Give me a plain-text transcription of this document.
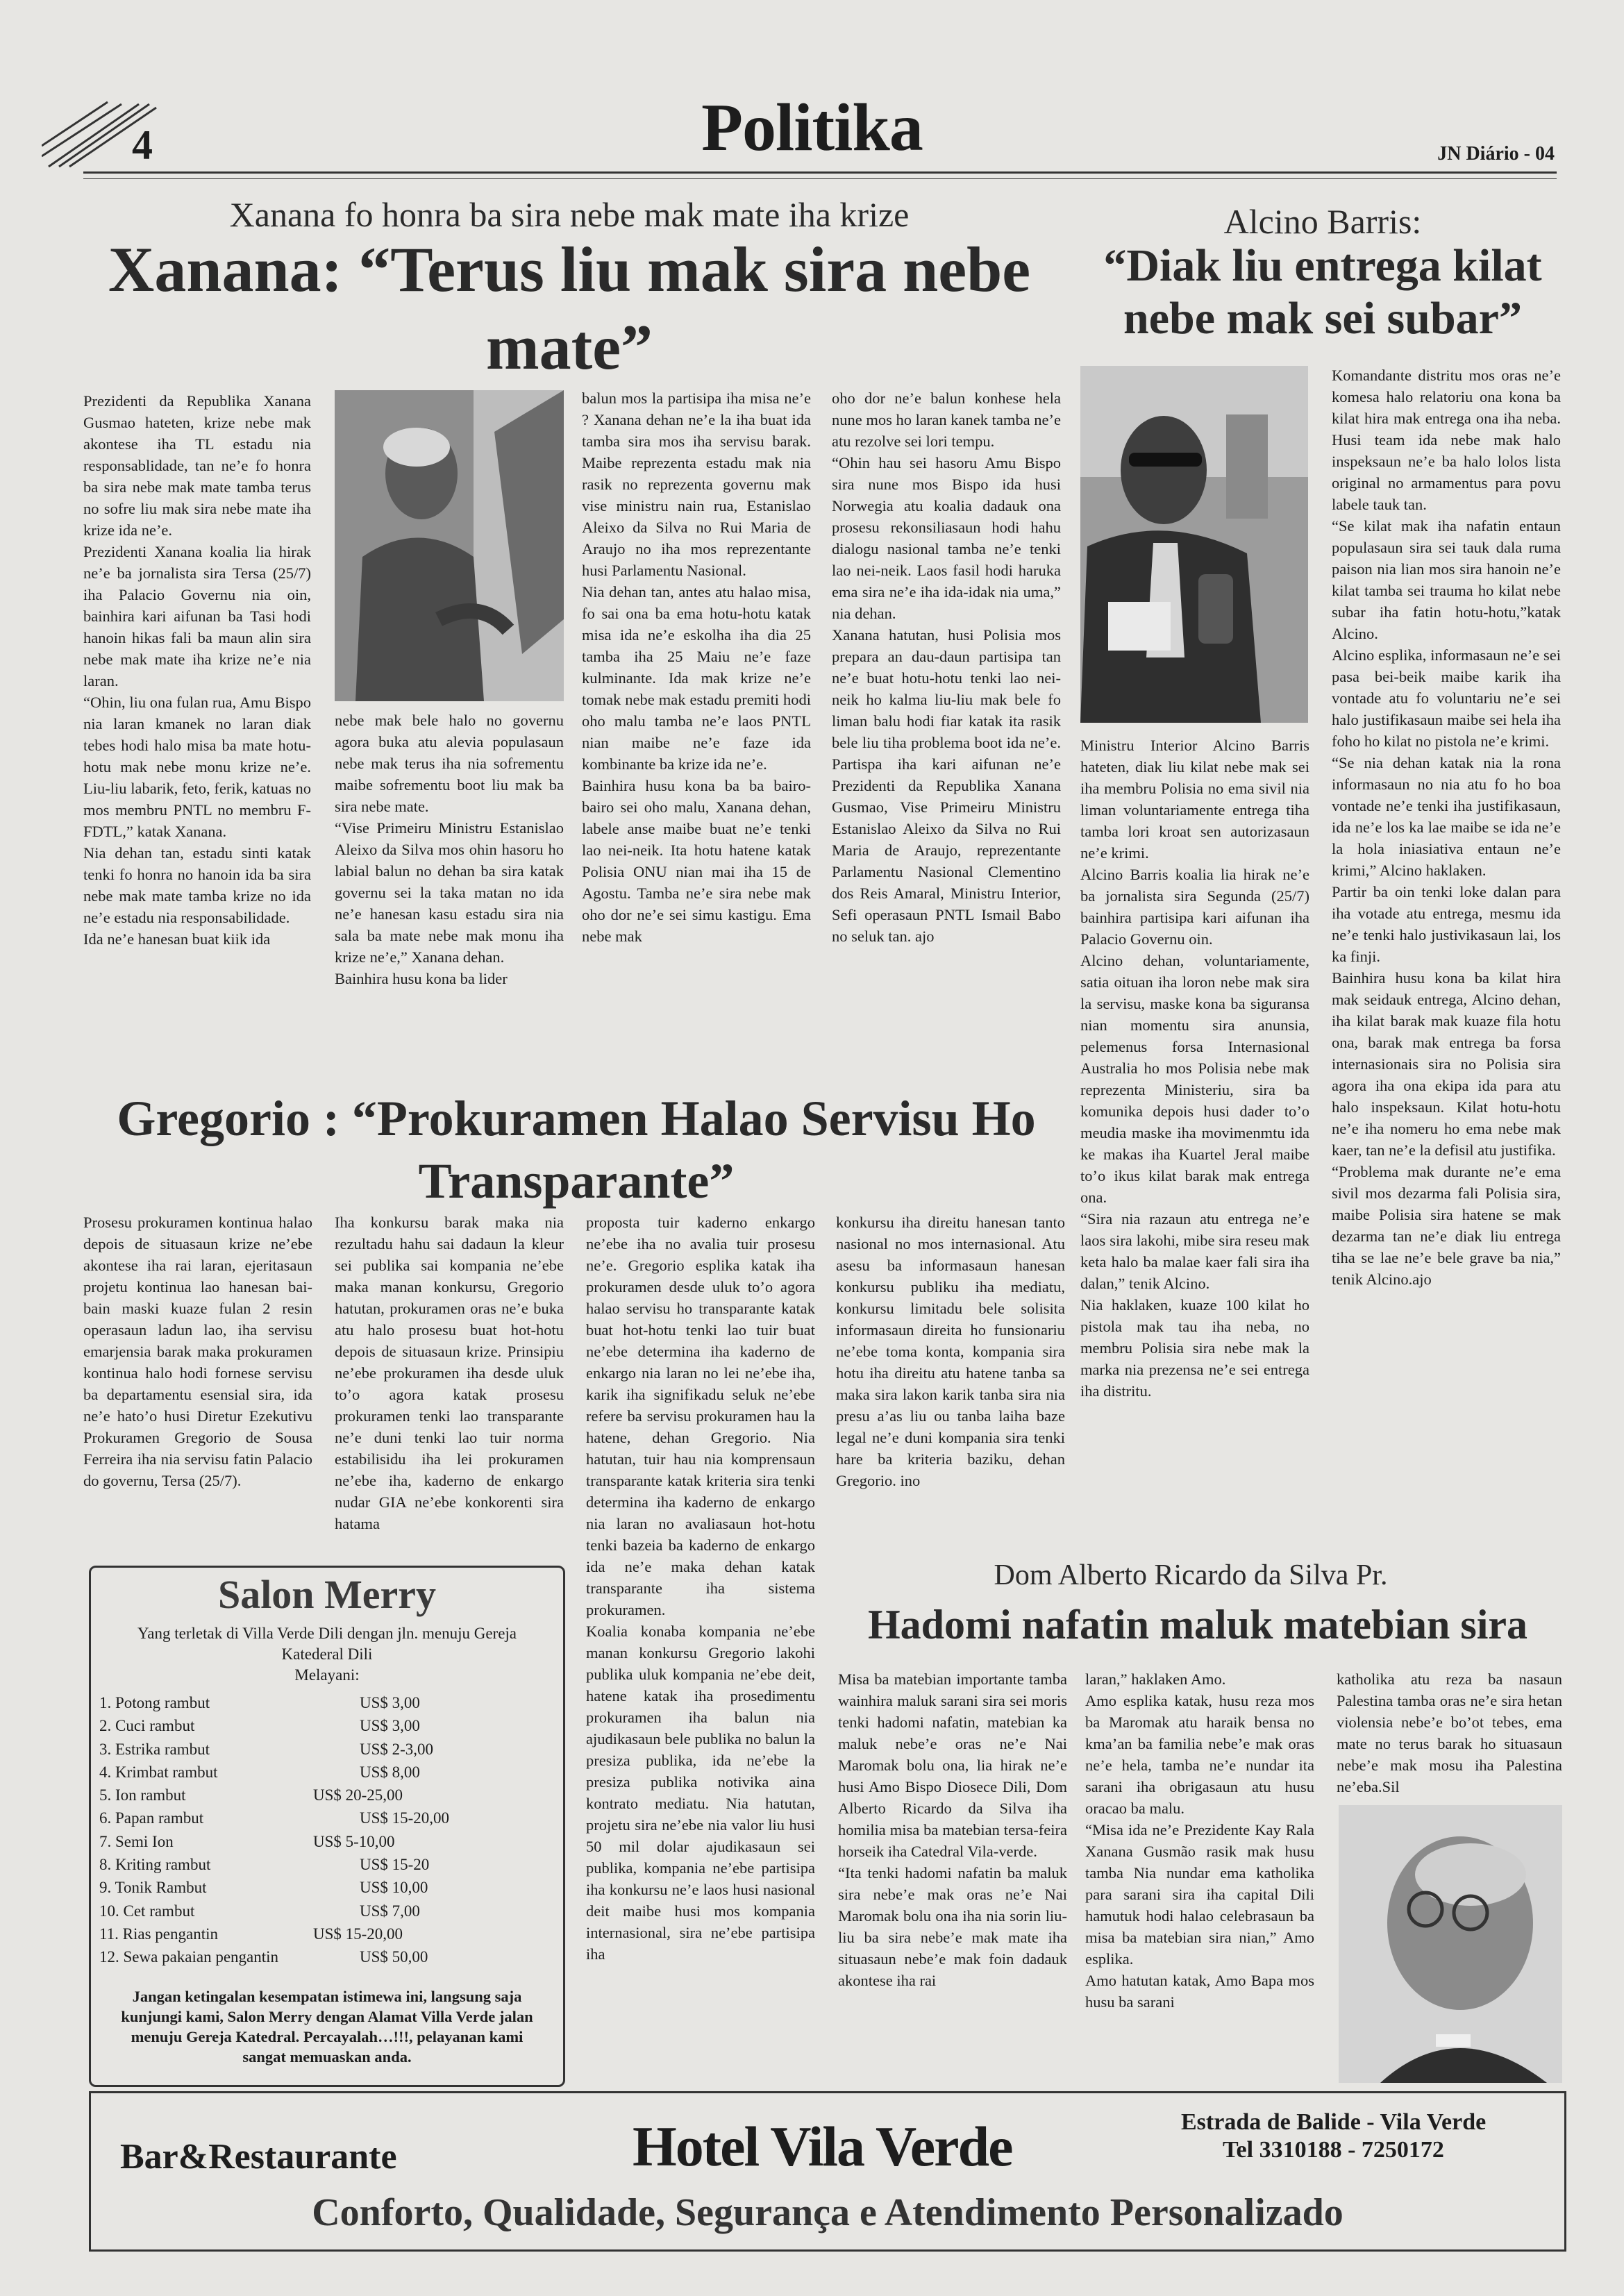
4	Politika	JN Diário - 04
Xanana fo honra ba sira nebe mak mate iha krize
Xanana: “Terus liu mak sira nebe mate”

Prezidenti da Republika Xanana Gusmao hateten, krize nebe mak akontese iha TL estadu nia responsablidade, tan ne’e fo honra ba sira nebe mak mate tamba terus no sofre liu mak sira nebe mate iha krize ida ne’e.

Prezidenti Xanana koalia lia hirak ne’e ba jornalista sira Tersa (25/7) iha Palacio Governu nia oin, bainhira kari aifunan ba Tasi hodi hanoin hikas fali ba maun alin sira nebe mak mate iha krize ne’e nia laran.

“Ohin, liu ona fulan rua, Amu Bispo nia laran kmanek no laran diak tebes hodi halo misa ba mate hotu-hotu mak nebe monu krize ne’e. Liu-liu labarik, feto, ferik, katuas no mos membru PNTL no membru F-FDTL,” katak Xanana.

Nia dehan tan, estadu sinti katak tenki fo honra no hanoin ida ba sira nebe mak mate tamba krize no ida ne’e estadu nia responsabilidade.

Ida ne’e hanesan buat kiik ida

nebe mak bele halo no governu agora buka atu alevia populasaun nebe mak terus iha nia sofrementu maibe sofrementu boot liu mak ba sira nebe mate.

“Vise Primeiru Ministru Estanislao Aleixo da Silva mos ohin hasoru ho labial balun no dehan ba sira katak governu sei la taka matan no ida ne’e hanesan kasu estadu sira nia sala ba mate nebe mak monu iha krize ne’e,” Xanana dehan.

Bainhira husu kona ba lider

balun mos la partisipa iha misa ne’e ? Xanana dehan ne’e la iha buat ida tamba sira mos iha servisu barak. Maibe reprezenta estadu mak nia rasik no reprezenta governu mak vise ministru nain rua, Estanislao Aleixo da Silva no Rui Maria de Araujo no iha mos reprezentante husi Parlamentu Nasional.

Nia dehan tan, antes atu halao misa, fo sai ona ba ema hotu-hotu katak misa ida ne’e eskolha iha dia 25 tamba iha 25 Maiu ne’e faze kulminante. Ida mak krize ne’e tomak nebe mak estadu premiti hodi oho malu tamba ne’e laos PNTL nian maibe ne’e faze ida kombinante ba krize ida ne’e.

Bainhira husu kona ba ba bairo-bairo sei oho malu, Xanana dehan, labele anse maibe buat ne’e tenki lao nei-neik. Ita hotu hatene katak Polisia ONU nian mai iha 15 de Agostu. Tamba ne’e sira nebe mak oho dor ne’e sei simu kastigu. Ema nebe mak

oho dor ne’e balun konhese hela nune mos ho laran kanek tamba ne’e atu rezolve sei lori tempu.

“Ohin hau sei hasoru Amu Bispo sira nune mos Bispo ida husi Norwegia atu koalia dadauk ona prosesu rekonsiliasaun hodi hahu dialogu nasional tamba ne’e tenki lao nei-neik. Laos fasil hodi haruka ema sira ne’e iha ida-idak nia uma,” nia dehan.

Xanana hatutan, husi Polisia mos prepara an dau-daun partisipa tan ne’e buat hotu-hotu tenki lao nei-neik ho kalma liu-liu mak bele fo liman balu hodi fiar katak ita rasik bele liu tiha problema boot ida ne’e. Partispa iha kari aifunan ne’e Prezidenti da Republika Xanana Gusmao, Vise Primeiru Ministru Estanislao Aleixo da Silva no Rui Maria de Araujo, reprezentante Parlamentu Nasional Clementino dos Reis Amaral, Ministru Interior, Sefi operasaun PNTL Ismail Babo no seluk tan. ajo

Alcino Barris:
“Diak liu entrega kilat nebe mak sei subar”

Ministru Interior Alcino Barris hateten, diak liu kilat nebe mak sei iha membru Polisia no ema sivil nia liman voluntariamente entrega tiha tamba lori kroat sen autorizasaun ne’e krimi.

Alcino Barris koalia lia hirak ne’e ba jornalista sira Segunda (25/7) bainhira partisipa kari aifunan iha Palacio Governu oin.

Alcino dehan, voluntariamente, satia oituan iha loron nebe mak sira la servisu, maske kona ba siguransa nian momentu sira anunsia, pelemenus forsa Internasional Australia ho mos Polisia nebe mak reprezenta Ministeriu, sira ba komunika depois husi dader to’o meudia maske iha movimenmtu ida ke makas iha Kuartel Jeral maibe to’o ikus kilat barak mak entrega ona.

“Sira nia razaun atu entrega ne’e laos sira lakohi, mibe sira reseu mak keta halo ba malae kaer fali sira iha dalan,” tenik Alcino.

Nia haklaken, kuaze 100 kilat ho pistola mak tau iha neba, no membru Polisia sira nebe mak la marka nia prezensa ne’e sei entrega iha distritu.

Komandante distritu mos oras ne’e komesa halo relatoriu ona kona ba kilat hira mak entrega ona iha neba. Husi team ida nebe mak halo inspeksaun ne’e ba halo lolos lista original no armamentus para povu labele tauk tan.

“Se kilat mak iha nafatin entaun populasaun sira sei tauk dala ruma paison nia lian mos sira hanoin ne’e kilat tamba sei trauma ho kilat nebe subar iha fatin hotu-hotu,”katak Alcino.

Alcino esplika, informasaun ne’e sei pasa bei-beik maibe karik iha vontade atu fo voluntariu ne’e sei halo justifikasaun maibe sei hela iha foho ho kilat no pistola ne’e krimi.

“Se nia dehan katak nia la rona informasaun no nia atu fo ho boa vontade ne’e tenki iha justifikasaun, ida ne’e los ka lae maibe se ida ne’e la hola iniasiativa entaun ne’e krimi,” Alcino haklaken.

Partir ba oin tenki loke dalan para iha votade atu entrega, mesmu ida ne’e tenki halo justivikasaun lai, los ka finji.

Bainhira husu kona ba kilat hira mak seidauk entrega, Alcino dehan, iha kilat barak mak kuaze fila hotu ona, barak mak entrega ba forsa internasionais sira no Polisia sira agora iha ona ekipa ida para atu halo inspeksaun. Kilat hotu-hotu ne’e iha nomeru ho ema nebe mak kaer, tan ne’e la defisil atu justifika.

“Problema mak durante ne’e ema sivil mos dezarma fali Polisia sira, maibe Polisia sira hatene se mak dezarma tan ne’e diak liu entrega tiha se lae ne’e bele grave ba nia,” tenik Alcino.ajo

Gregorio : “Prokuramen Halao Servisu Ho Transparante”

Prosesu prokuramen kontinua halao depois de situasaun krize ne’ebe akontese iha rai laran, ejeritasaun projetu kontinua lao hanesan bai-bain maski kuaze fulan 2 resin operasaun ladun lao, iha servisu emarjensia barak maka prokuramen kontinua halo hodi fornese servisu ba departamentu esensial sira, ida ne’e hato’o husi Diretur Ezekutivu Prokuramen Gregorio de Sousa Ferreira iha nia servisu fatin Palacio do governu, Tersa (25/7).

Iha konkursu barak maka nia rezultadu hahu sai dadaun la kleur sei publika sai kompania ne’ebe maka manan konkursu, Gregorio hatutan, prokuramen oras ne’e buka atu halo prosesu buat hot-hotu depois de situasaun krize. Prinsipiu ne’ebe prokuramen iha desde uluk to’o agora katak prosesu prokuramen tenki lao transparante ne’e duni tenki lao tuir norma estabilisidu iha lei prokuramen ne’ebe iha, kaderno de enkargo nudar GIA ne’ebe konkorenti sira hatama

proposta tuir kaderno enkargo ne’ebe iha no avalia tuir prosesu ne’e. Gregorio esplika katak iha prokuramen desde uluk to’o agora halao servisu ho transparante katak buat hot-hotu tenki lao tuir buat ne’ebe determina iha kaderno de enkargo nia laran no lei ne’ebe iha, karik iha signifikadu seluk ne’ebe refere ba servisu prokuramen hau la hatene, dehan Gregorio. Nia hatutan, tuir hau nia komprensaun transparante katak kriteria sira tenki determina iha kaderno de enkargo nia laran no avaliasaun hot-hotu tenki bazeia ba kaderno de enkargo ida ne’e maka dehan katak transparante iha sistema prokuramen.

Koalia konaba kompania ne’ebe manan konkursu Gregorio lakohi publika uluk kompania ne’ebe deit, hatene katak iha prosedimentu prokuramen iha balun nia ajudikasaun bele publika no balun la presiza publika, ida ne’ebe la presiza publika notivika aina kontrato mediatu. Nia hatutan, projetu sira ne’ebe nia valor liu husi 50 mil dolar ajudikasaun sei publika, kompania ne’ebe partisipa iha konkursu ne’e laos husi nasional deit maibe husi mos kompania internasional, sira ne’ebe partisipa iha

konkursu iha direitu hanesan tanto nasional no mos internasional. Atu asesu ba informasaun hanesan konkursu publiku iha mediatu, konkursu limitadu bele solisita informasaun direita ho funsionariu ne’ebe toma konta, kompania sira hotu iha direitu atu hatene tanba sa maka sira lakon karik tanba sira nia presu a’as liu ou tanba laiha baze legal ne’e duni kompania sira tenki hare ba kriteria baziku, dehan Gregorio. ino

Salon Merry
Yang terletak di Villa Verde Dili dengan jln. menuju Gereja Katederal Dili
Melayani:
1. Potong rambut	US$ 3,00
2. Cuci rambut	US$ 3,00
3. Estrika rambut	US$ 2-3,00
4. Krimbat rambut	US$ 8,00
5. Ion rambut	US$ 20-25,00
6. Papan rambut	US$ 15-20,00
7. Semi Ion	US$ 5-10,00
8. Kriting rambut	US$ 15-20
9. Tonik Rambut	US$ 10,00
10. Cet rambut	US$ 7,00
11. Rias pengantin	US$ 15-20,00
12. Sewa pakaian pengantin	US$ 50,00
Jangan ketingalan kesempatan istimewa ini, langsung saja kunjungi kami, Salon Merry dengan Alamat Villa Verde jalan menuju Gereja Katedral. Percayalah…!!!, pelayanan kami sangat memuaskan anda.
Dom Alberto Ricardo da Silva Pr.
Hadomi nafatin maluk matebian sira

Misa ba matebian importante tamba wainhira maluk sarani sira sei moris tenki hadomi nafatin, matebian ka maluk nebe’e oras ne’e Nai Maromak bolu ona, lia hirak ne’e husi Amo Bispo Diosece Dili, Dom Alberto Ricardo da Silva iha homilia misa ba matebian tersa-feira horseik iha Catedral Vila-verde.

“Ita tenki hadomi nafatin ba maluk sira nebe’e mak oras ne’e Nai Maromak bolu ona iha nia sorin liu-liu ba sira nebe’e mak mate iha situasaun nebe’e mak foin dadauk akontese iha rai

laran,” haklaken Amo.

Amo esplika katak, husu reza mos ba Maromak atu haraik bensa no kma’an ba familia nebe’e mak oras ne’e hela, tamba ne’e nundar ita sarani iha obrigasaun atu husu oracao ba malu.

“Misa ida ne’e Prezidente Kay Rala Xanana Gusmão rasik mak husu tamba Nia nundar ema katholika para sarani sira iha capital Dili hamutuk hodi halao celebrasaun ba misa ba matebian sira nian,” Amo esplika.

Amo hatutan katak, Amo Bapa mos husu ba sarani

katholika atu reza ba nasaun Palestina tamba oras ne’e sira hetan violensia nebe’e bo’ot tebes, ema mate no terus barak ho situasaun nebe’e mak mosu iha Palestina ne’eba.Sil

Bar&Restaurante	Hotel Vila Verde	Estrada de Balide - Vila Verde
Tel 3310188 - 7250172
Conforto, Qualidade, Segurança e Atendimento Personalizado
